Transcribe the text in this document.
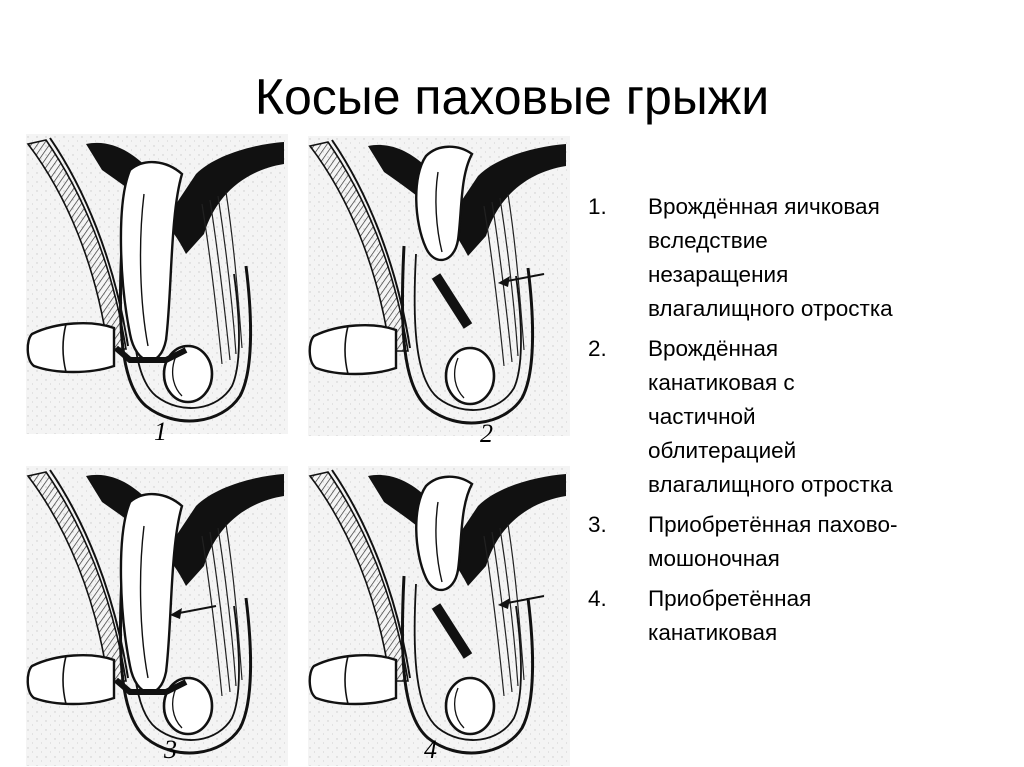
Косые паховые грыжи
1	2
3	4
1. Врождённая яичковая
вследствие
незаращения
влагалищного отростка
2. Врождённая
канатиковая с
частичной
облитерацией
влагалищного отростка
3. Приобретённая пахово-
мошоночная
4. Приобретённая
канатиковая
